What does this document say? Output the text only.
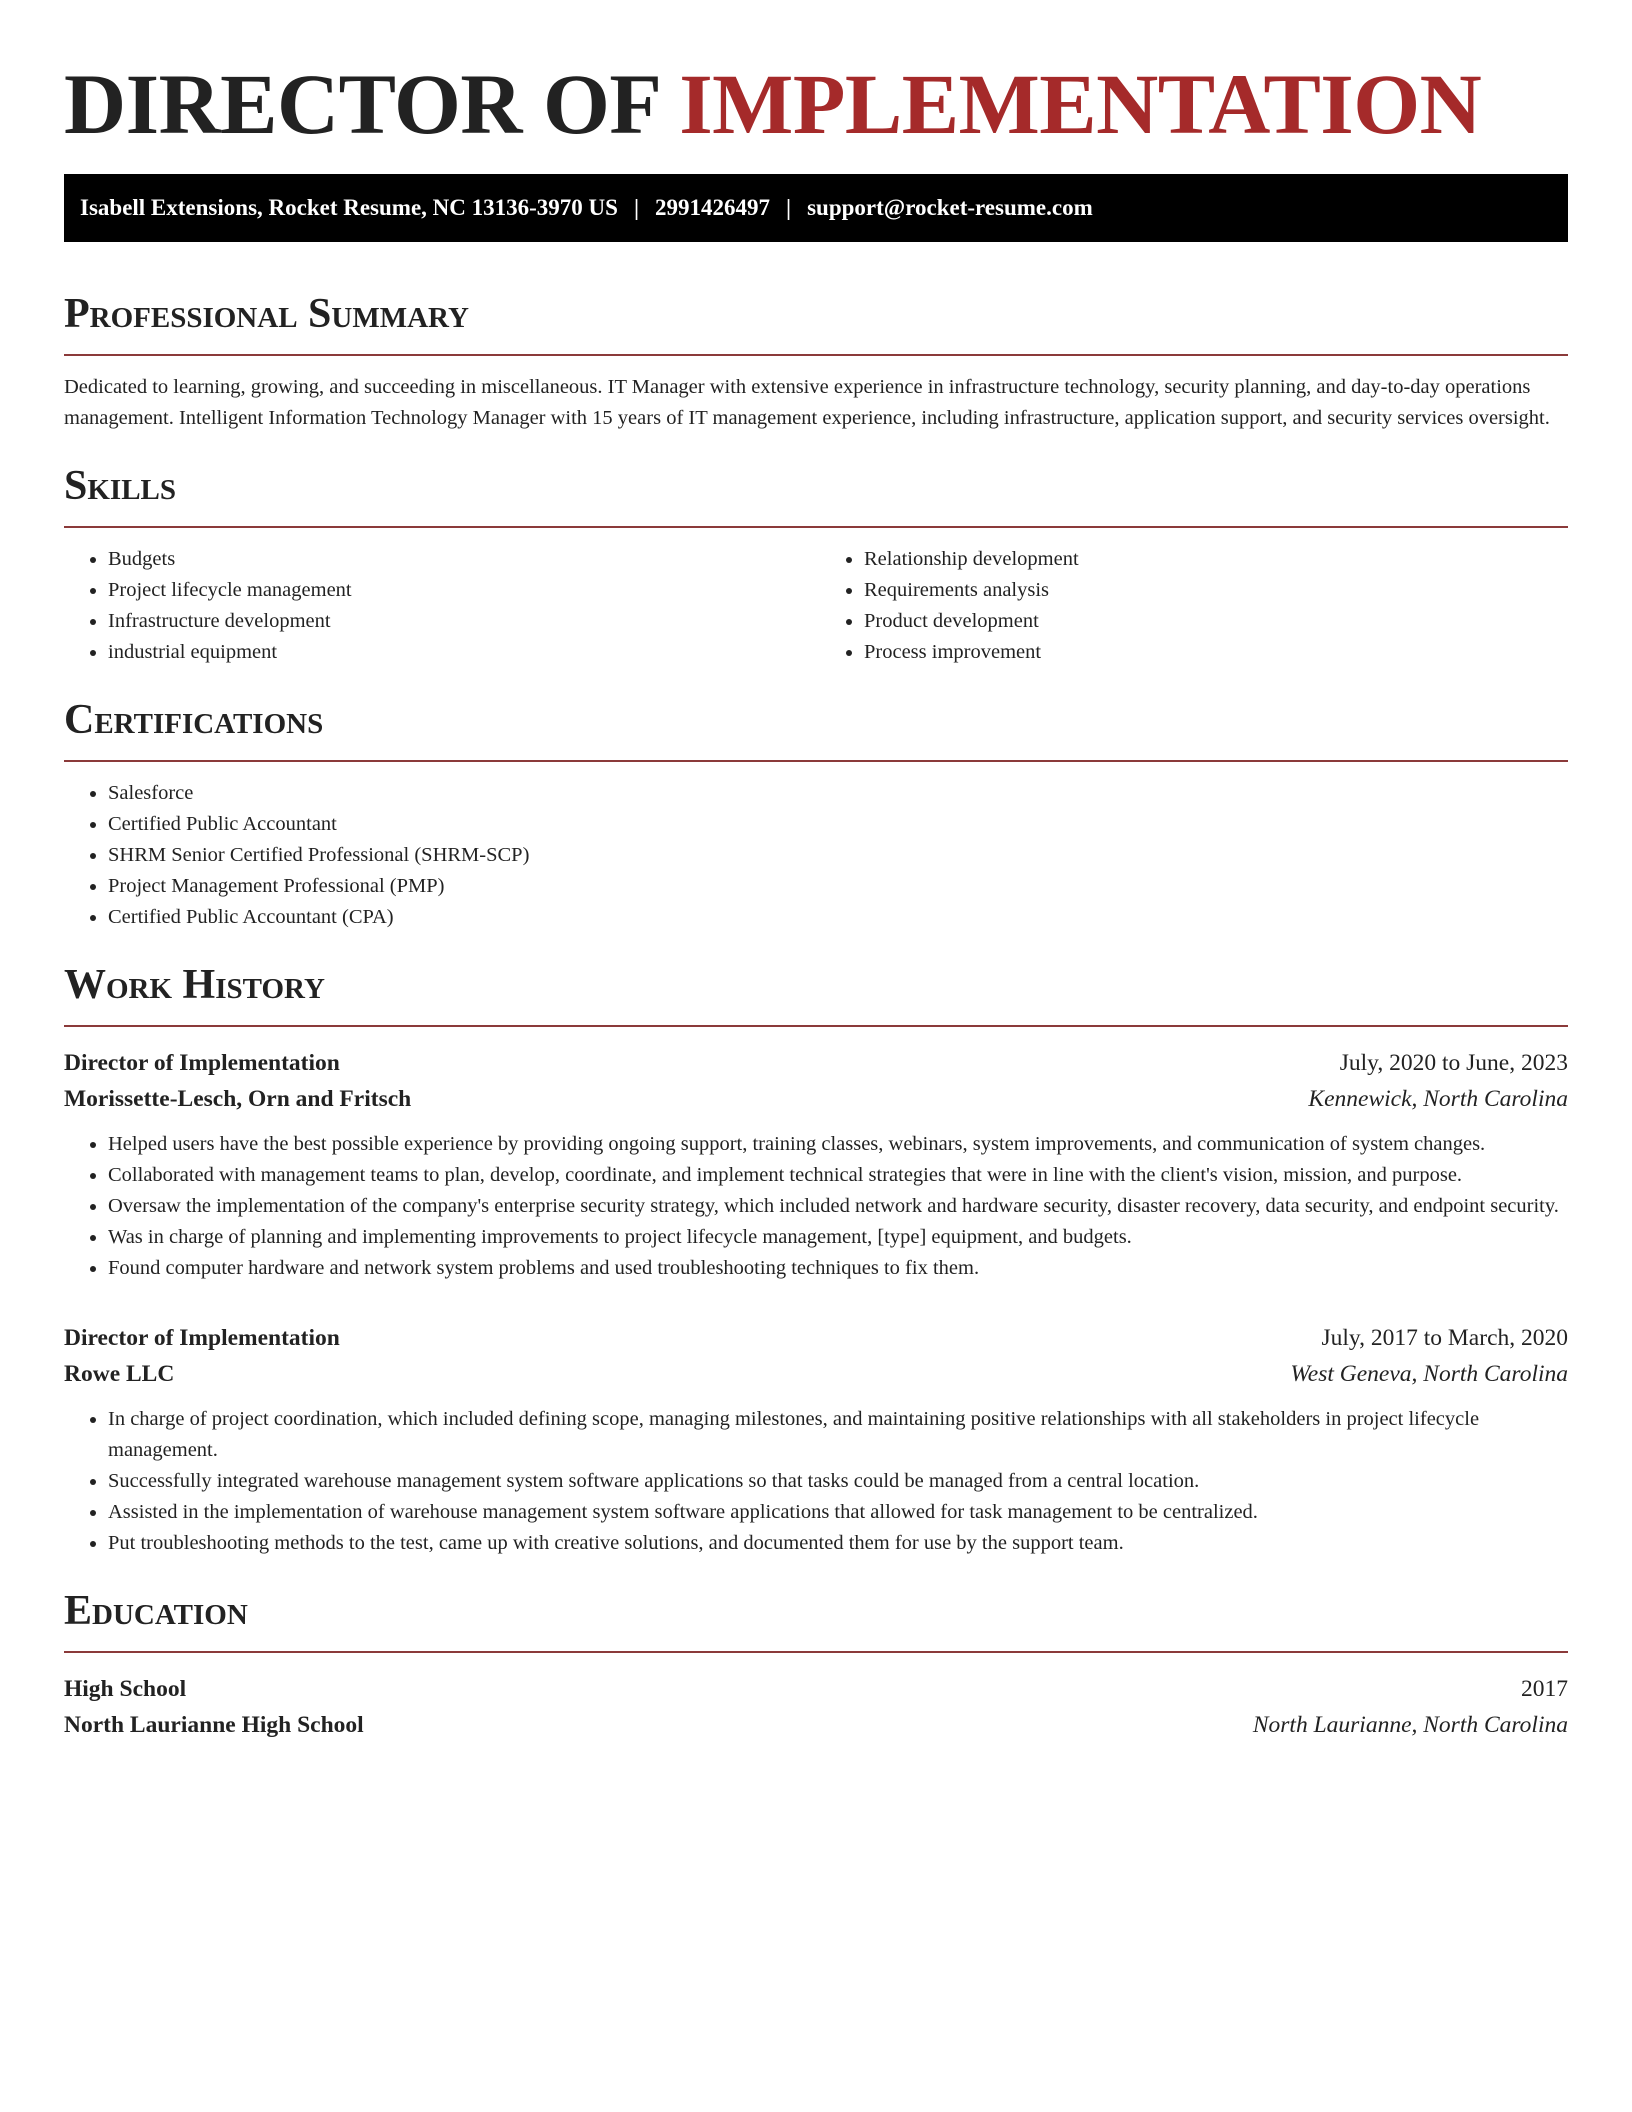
DIRECTOR OF IMPLEMENTATION
Isabell Extensions, Rocket Resume, NC 13136-3970 US | 2991426497 | support@rocket-resume.com
Professional Summary

Dedicated to learning, growing, and succeeding in miscellaneous. IT Manager with extensive experience in infrastructure technology, security planning, and day-to-day operations management. Intelligent Information Technology Manager with 15 years of IT management experience, including infrastructure, application support, and security services oversight.

Skills
• Budgets
• Project lifecycle management
• Infrastructure development
• industrial equipment
• Relationship development
• Requirements analysis
• Product development
• Process improvement
Certifications
• Salesforce
• Certified Public Accountant
• SHRM Senior Certified Professional (SHRM-SCP)
• Project Management Professional (PMP)
• Certified Public Accountant (CPA)
Work History
Director of Implementation	July, 2020 to June, 2023
Morissette-Lesch, Orn and Fritsch	Kennewick, North Carolina
• Helped users have the best possible experience by providing ongoing support, training classes, webinars, system improvements, and communication of system changes.
• Collaborated with management teams to plan, develop, coordinate, and implement technical strategies that were in line with the client's vision, mission, and purpose.
• Oversaw the implementation of the company's enterprise security strategy, which included network and hardware security, disaster recovery, data security, and endpoint security.
• Was in charge of planning and implementing improvements to project lifecycle management, [type] equipment, and budgets.
• Found computer hardware and network system problems and used troubleshooting techniques to fix them.
Director of Implementation	July, 2017 to March, 2020
Rowe LLC	West Geneva, North Carolina
• In charge of project coordination, which included defining scope, managing milestones, and maintaining positive relationships with all stakeholders in project lifecycle management.
• Successfully integrated warehouse management system software applications so that tasks could be managed from a central location.
• Assisted in the implementation of warehouse management system software applications that allowed for task management to be centralized.
• Put troubleshooting methods to the test, came up with creative solutions, and documented them for use by the support team.
Education
High School	2017
North Laurianne High School	North Laurianne, North Carolina
